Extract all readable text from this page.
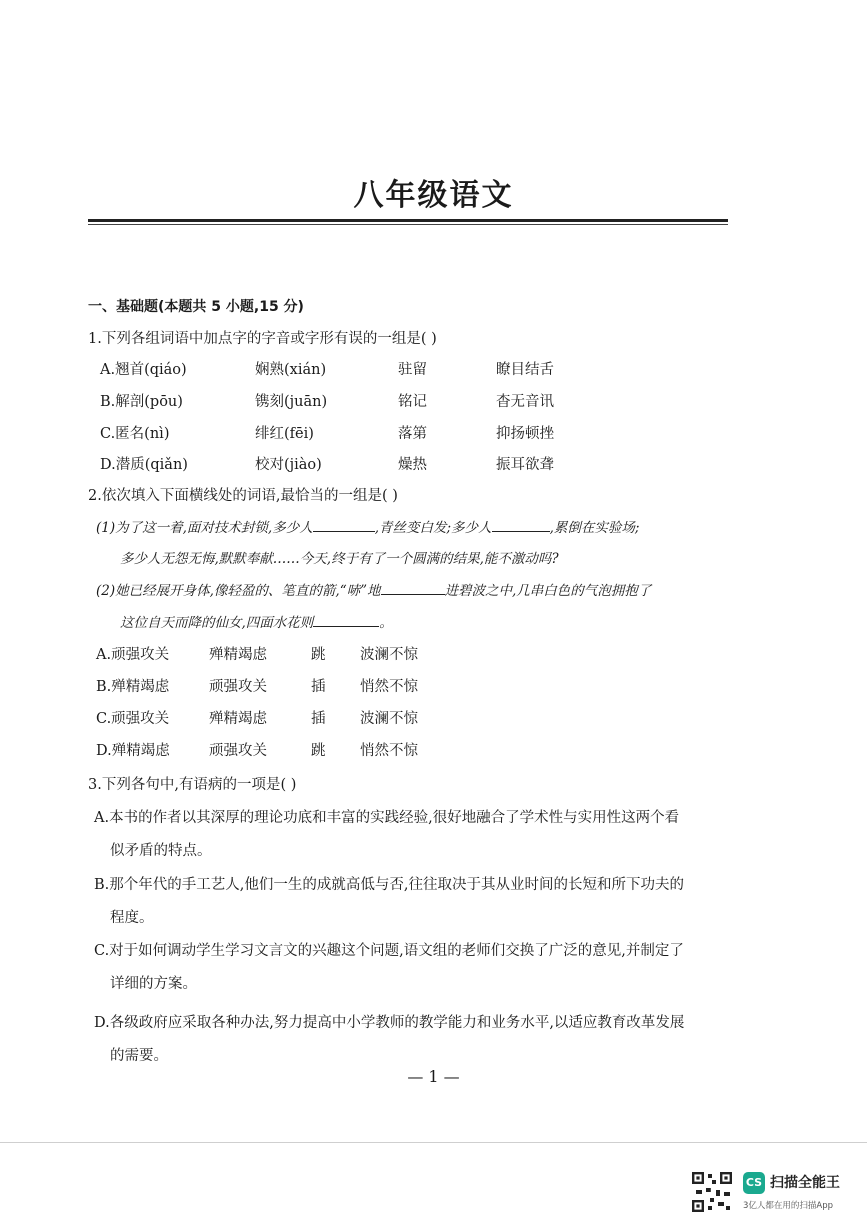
八年级语文
一、基础题(本题共 5 小题,15 分)
1.下列各组词语中加点字的字音或字形有误的一组是( )
A.翘首(qiáo)	娴熟(xián)	驻留	瞭目结舌
B.解剖(pōu)	镌刻(juān)	铭记	杳无音讯
C.匿名(nì)	绯红(fēi)	落第	抑扬顿挫
D.潜质(qiǎn)	校对(jiào)	燥热	振耳欲聋
2.依次填入下面横线处的词语,最恰当的一组是( )
(1)为了这一着,面对技术封锁,多少人	,青丝变白发;多少人	,累倒在实验场;
多少人无怨无悔,默默奉献……今天,终于有了一个圆满的结果,能不激动吗?
(2)她已经展开身体,像轻盈的、笔直的箭,“哧”地	进碧波之中,几串白色的气泡拥抱了
这位自天而降的仙女,四面水花则	。
A.顽强攻关	殚精竭虑	跳 波澜不惊
B.殚精竭虑	顽强攻关	插 悄然不惊
C.顽强攻关	殚精竭虑	插 波澜不惊
D.殚精竭虑	顽强攻关	跳 悄然不惊
3.下列各句中,有语病的一项是( )
A.本书的作者以其深厚的理论功底和丰富的实践经验,很好地融合了学术性与实用性这两个看
似矛盾的特点。
B.那个年代的手工艺人,他们一生的成就高低与否,往往取决于其从业时间的长短和所下功夫的
程度。
C.对于如何调动学生学习文言文的兴趣这个问题,语文组的老师们交换了广泛的意见,并制定了
详细的方案。
D.各级政府应采取各种办法,努力提高中小学教师的教学能力和业务水平,以适应教育改革发展
的需要。
— 1 —
CS 扫描全能王
3亿人都在用的扫描App
